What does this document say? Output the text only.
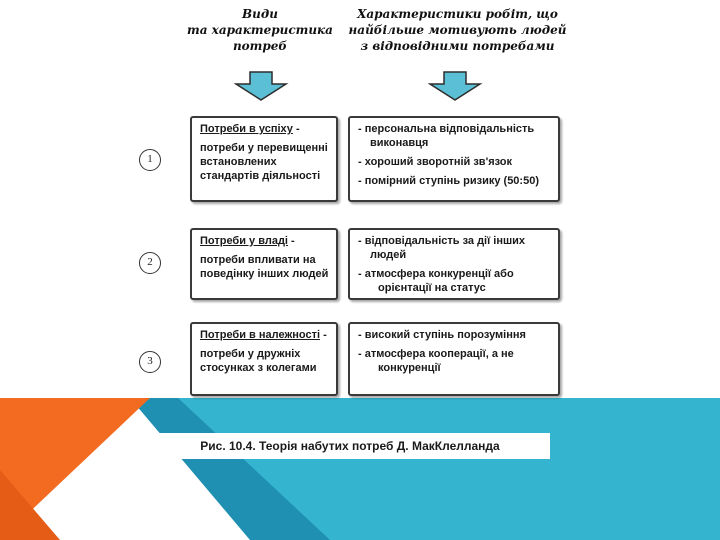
Види
та характеристика
потреб
Характеристики робіт, що
найбільше мотивують людей
з відповідними потребами
1
Потреби в успіху -
потреби у перевищенні
встановлених
стандартів діяльності
- персональна відповідальність
виконавця
- хороший зворотній зв'язок
- помірний ступінь ризику (50:50)
2
Потреби у владі -
потреби впливати на
поведінку інших людей
- відповідальність за дії інших
людей
- атмосфера конкуренції або
орієнтації на статус
3
Потреби в належності -
потреби у дружніх
стосунках з колегами
- високий ступінь порозуміння
- атмосфера кооперації, а не
конкуренції
Рис. 10.4. Теорія набутих потреб Д. МакКлелланда
